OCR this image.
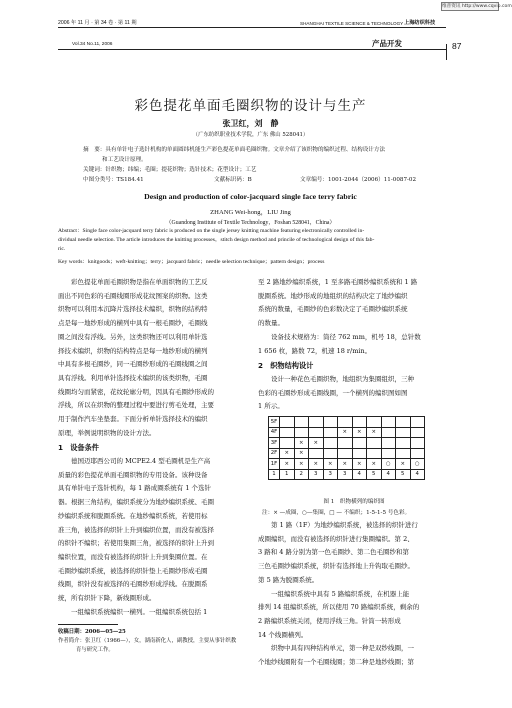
维普资讯 http://www.cqvip.com
2006 年 11 月 · 第 34 卷 · 第 11 期	SHANGHAI TEXTILE SCIENCE & TECHNOLOGY 上海纺织科技
Vol.34 No.11, 2006	产品开发	87
彩色提花单面毛圈织物的设计与生产
张卫红，刘　静
（广东纺织职业技术学院，广东 佛山 528041）
摘　要：具有单针电子选针机构的单面圆纬机能生产彩色提花单面毛圈织物。文章介绍了该织物的编织过程、结构设计方法
和工艺设计原理。
关键词：针织物；纬编；毛圈；提花织物；选针技术；花型设计；工艺
中图分类号：TS184.41	文献标识码：B	文章编号：1001-2044（2006）11-0087-02
Design and production of color-jacquard single face terry fabric
ZHANG Wei-hong，LIU Jing
（Guandong Institute of Textile Technology，Foshan 528041，China）
Abstract：Single face color-jacquard terry fabric is produced on the single jersey knitting machine featuring electronically controlled in-
dividual needle selection. The article introduces the knitting processes，stitch design method and princile of technological design of this fab-
ric.
Key words：knitgoods；weft-knitting；terry；jacquard fabric；needle selection technique；pattern design；process
　　彩色提花单面毛圈织物是指在单面织物的工艺反
面出不同色彩的毛圈线圈形成花纹图案的织物。这类
织物可以利用本沉降片选择技术编织，织物的结构特
点是每一地纱形成的横列中具有一根毛圈纱，毛圈线
圈之间没有浮线。另外，这类织物还可以利用单针选
择技术编织，织物的结构特点是每一地纱形成的横列
中具有多根毛圈纱，同一毛圈纱形成的毛圈线圈之间
具有浮线。利用单针选择技术编织的该类织物，毛圈
线圈均匀而紧密，花纹轮廓分明，因具有毛圈纱形成的
浮线，所以在织物的整理过程中要进行剪毛处理，主要
用于制作汽车坐垫套。下面分析单针选择技术的编织
原理，举例说明织物的设计方法。
1　设备条件
　　德国迈耶西公司的 MCPE2.4 型毛圈机是生产高
质量的彩色提花单面毛圈织物的专用设备。该种设备
具有单针电子选针机构，每 1 路成圈系统有 1 个选针
器。根据三角结构，编织系统分为地纱编织系统、毛圈
纱编织系统和脱圈系统。在地纱编织系统，若使用标
准三角，被选择的织针上升到编织位置，而没有被选择
的织针不编织；若使用集圈三角，被选择的织针上升到
编织位置，而没有被选择的织针上升到集圈位置。在
毛圈纱编织系统，被选择的织针垫上毛圈纱形成毛圈
线圈，织针没有被选择的毛圈纱形成浮线。在脱圈系
统，所有织针下降，新线圈形成。
　　一组编织系统编织一横列。一组编织系统包括 1
收稿日期：2006—05—25
作者简介：张卫红（1966—），女，湖南新化人，副教授，主要从事针织教
育与研究工作。
至 2 路地纱编织系统，1 至多路毛圈纱编织系统和 1 路
脱圈系统。地纱形成的地组织的结构决定了地纱编织
系统的数量，毛圈纱的色彩数决定了毛圈纱编织系统
的数量。
　　设备技术规格为：筒径 762 mm，机号 18，总针数
1 656 枚，路数 72，机速 18 r/min。
2　织物结构设计
　　设计一种花色毛圈织物，地组织为集圈组织，三种
色彩的毛圈纱形成毛圈线圈，一个横列的编织图如图
1 所示。
5F										
4F					×	×	×			
3F		×	×							
2F	×	×								
1F	×	×	×	×	×	×	×	○	×	○
1	1	2	3	3	3	4	5	4	5	4
图 1　织物横列的编织图
注：× —成圈，○—集圈，□ — 不编织；1-5-1-5 号色彩。
　　第 1 路（1F）为地纱编织系统，被选择的织针进行
成圈编织，而没有被选择的织针进行集圈编织。第 2、
3 路和 4 路分别为第一色毛圈纱、第二色毛圈纱和第
三色毛圈纱编织系统，织针有选择地上升钩取毛圈纱。
第 5 路为脱圈系统。
　　一组编织系统中具有 5 路编织系统，在机器上能
排列 14 组编织系统，所以使用 70 路编织系统，剩余的
2 路编织系统关闭，使用浮线三角。针筒一转形成
14 个线圈横列。
　　织物中具有四种结构单元，第一种是双纱线圈，一
个地纱线圈附有一个毛圈线圈；第二种是地纱线圈；第
